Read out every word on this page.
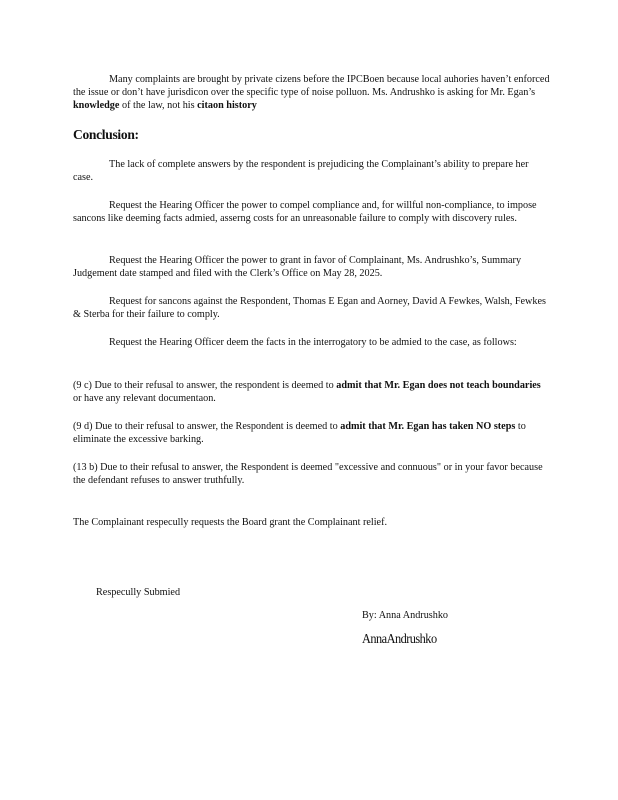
Many complaints are brought by private cizens before the IPCBoen because local auhories haven’t enforced the issue or don’t have jurisdicon over the specific type of noise polluon. Ms. Andrushko is asking for Mr. Egan’s knowledge of the law, not his citaon history

Conclusion:

The lack of complete answers by the respondent is prejudicing the Complainant’s ability to prepare her case.

Request the Hearing Officer the power to compel compliance and, for willful non-compliance, to impose sancons like deeming facts admied, asserng costs for an unreasonable failure to comply with discovery rules.

Request the Hearing Officer the power to grant in favor of Complainant, Ms. Andrushko’s, Summary Judgement date stamped and filed with the Clerk’s Office on May 28, 2025.

Request for sancons against the Respondent, Thomas E Egan and Aorney, David A Fewkes, Walsh, Fewkes & Sterba for their failure to comply.

Request the Hearing Officer deem the facts in the interrogatory to be admied to the case, as follows:

(9 c) Due to their refusal to answer, the respondent is deemed to admit that Mr. Egan does not teach boundaries or have any relevant documentaon.

(9 d) Due to their refusal to answer, the Respondent is deemed to admit that Mr. Egan has taken NO steps to eliminate the excessive barking.

(13 b) Due to their refusal to answer, the Respondent is deemed "excessive and connuous" or in your favor because the defendant refuses to answer truthfully.

The Complainant respecully requests the Board grant the Complainant relief.

Respecully Submied

By: Anna Andrushko

AnnaAndrushko
